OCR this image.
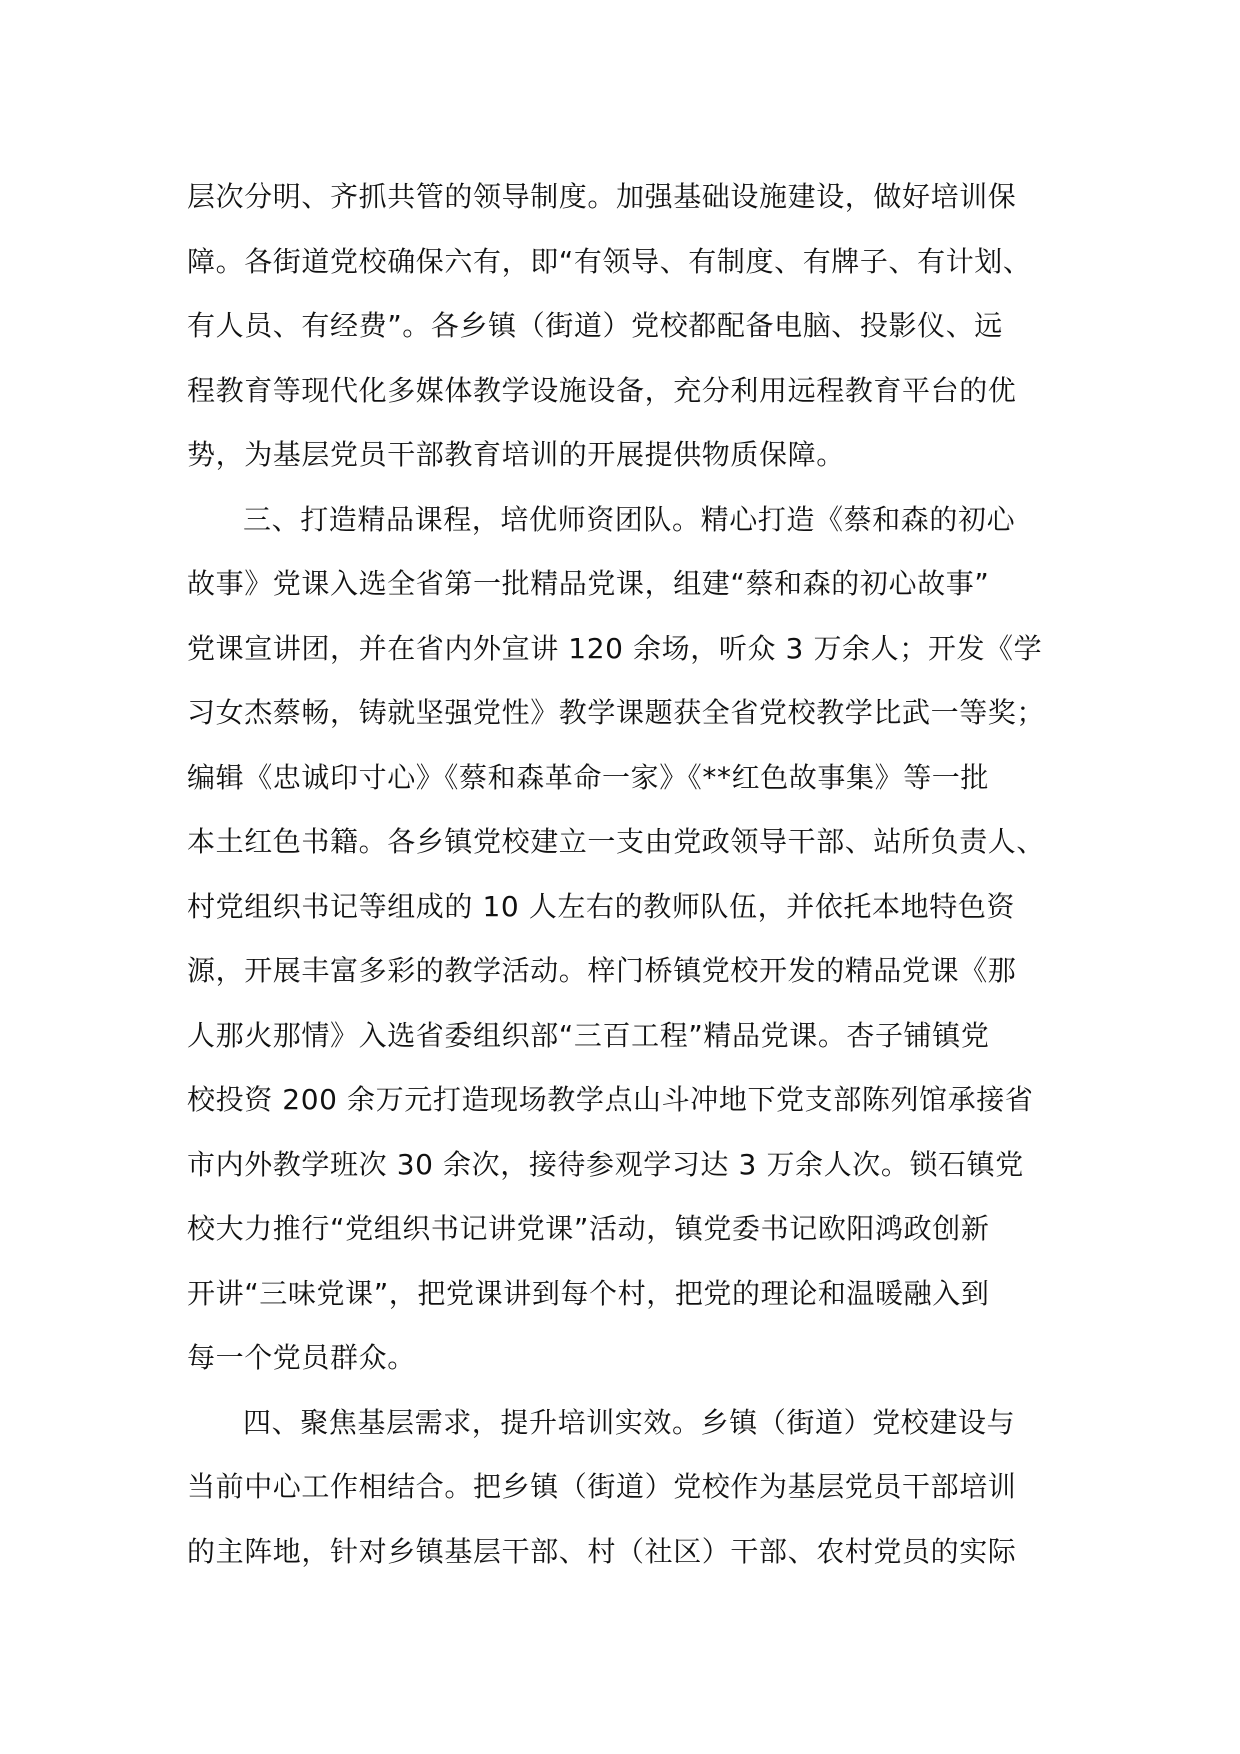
层次分明、齐抓共管的领导制度。加强基础设施建设，做好培训保
障。各街道党校确保六有，即“有领导、有制度、有牌子、有计划、
有人员、有经费”。各乡镇（街道）党校都配备电脑、投影仪、远
程教育等现代化多媒体教学设施设备，充分利用远程教育平台的优
势，为基层党员干部教育培训的开展提供物质保障。
三、打造精品课程，培优师资团队。精心打造《蔡和森的初心
故事》党课入选全省第一批精品党课，组建“蔡和森的初心故事”
党课宣讲团，并在省内外宣讲 120 余场，听众 3 万余人；开发《学
习女杰蔡畅，铸就坚强党性》教学课题获全省党校教学比武一等奖；
编辑《忠诚印寸心》《蔡和森革命一家》《**红色故事集》等一批
本土红色书籍。各乡镇党校建立一支由党政领导干部、站所负责人、
村党组织书记等组成的 10 人左右的教师队伍，并依托本地特色资
源，开展丰富多彩的教学活动。梓门桥镇党校开发的精品党课《那
人那火那情》入选省委组织部“三百工程”精品党课。杏子铺镇党
校投资 200 余万元打造现场教学点山斗冲地下党支部陈列馆承接省
市内外教学班次 30 余次，接待参观学习达 3 万余人次。锁石镇党
校大力推行“党组织书记讲党课”活动，镇党委书记欧阳鸿政创新
开讲“三味党课”，把党课讲到每个村，把党的理论和温暖融入到
每一个党员群众。
四、聚焦基层需求，提升培训实效。乡镇（街道）党校建设与
当前中心工作相结合。把乡镇（街道）党校作为基层党员干部培训
的主阵地，针对乡镇基层干部、村（社区）干部、农村党员的实际
